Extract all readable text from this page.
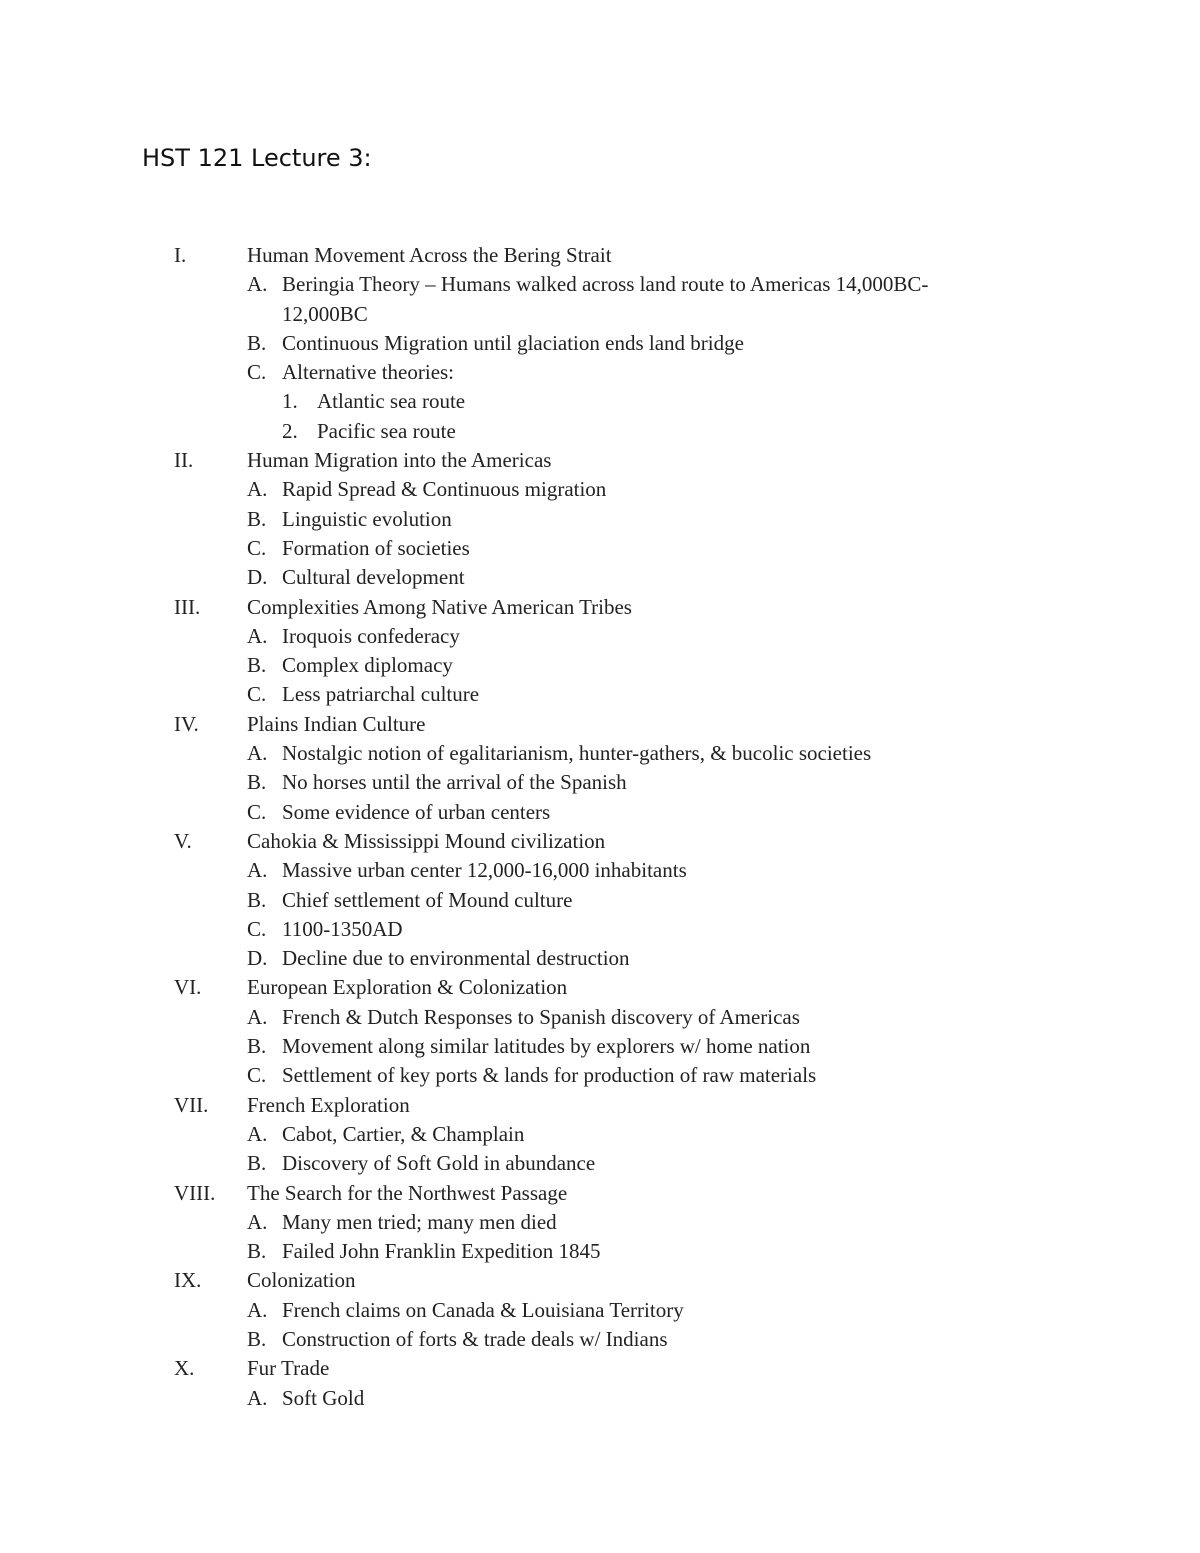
HST 121 Lecture 3:
I.	Human Movement Across the Bering Strait
A. Beringia Theory – Humans walked across land route to Americas 14,000BC-
12,000BC
B. Continuous Migration until glaciation ends land bridge
C. Alternative theories:
1. Atlantic sea route
2. Pacific sea route
II.	Human Migration into the Americas
A. Rapid Spread & Continuous migration
B. Linguistic evolution
C. Formation of societies
D. Cultural development
III. Complexities Among Native American Tribes
A. Iroquois confederacy
B. Complex diplomacy
C. Less patriarchal culture
IV. Plains Indian Culture
A. Nostalgic notion of egalitarianism, hunter-gathers, & bucolic societies
B. No horses until the arrival of the Spanish
C. Some evidence of urban centers
V.	Cahokia & Mississippi Mound civilization
A. Massive urban center 12,000-16,000 inhabitants
B. Chief settlement of Mound culture
C. 1100-1350AD
D. Decline due to environmental destruction
VI. European Exploration & Colonization
A. French & Dutch Responses to Spanish discovery of Americas
B. Movement along similar latitudes by explorers w/ home nation
C. Settlement of key ports & lands for production of raw materials
VII. French Exploration
A. Cabot, Cartier, & Champlain
B. Discovery of Soft Gold in abundance
VIII. The Search for the Northwest Passage
A. Many men tried; many men died
B. Failed John Franklin Expedition 1845
IX. Colonization
A. French claims on Canada & Louisiana Territory
B. Construction of forts & trade deals w/ Indians
X.	Fur Trade
A. Soft Gold
